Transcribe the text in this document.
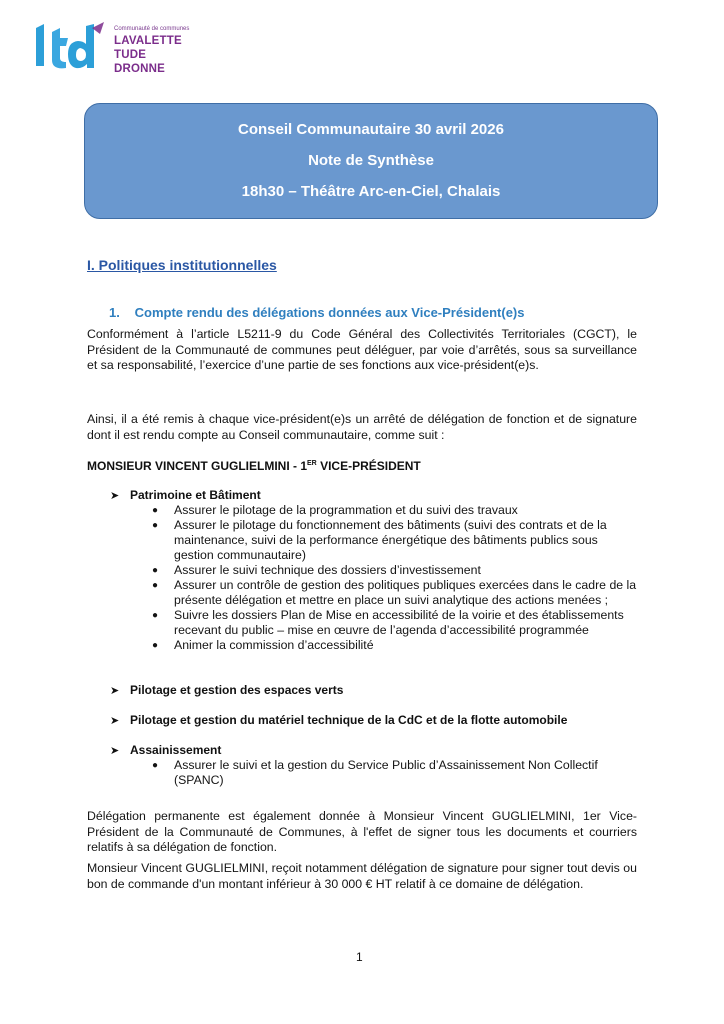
Communauté de communes
LAVALETTE
TUDE
DRONNE
Conseil Communautaire 30 avril 2026
Note de Synthèse
18h30 – Théâtre Arc-en-Ciel, Chalais
I. Politiques institutionnelles
1. Compte rendu des délégations données aux Vice-Président(e)s

Conformément à l’article L5211-9 du Code Général des Collectivités Territoriales (CGCT), le Président de la Communauté de communes peut déléguer, par voie d’arrêtés, sous sa surveillance et sa responsabilité, l’exercice d’une partie de ses fonctions aux vice-président(e)s.

Ainsi, il a été remis à chaque vice-président(e)s un arrêté de délégation de fonction et de signature dont il est rendu compte au Conseil communautaire, comme suit :

MONSIEUR VINCENT GUGLIELMINI - 1ER VICE-PRÉSIDENT
➤ Patrimoine et Bâtiment
● Assurer le pilotage de la programmation et du suivi des travaux
● Assurer le pilotage du fonctionnement des bâtiments (suivi des contrats et de la maintenance, suivi de la performance énergétique des bâtiments publics sous gestion communautaire)
● Assurer le suivi technique des dossiers d’investissement
● Assurer un contrôle de gestion des politiques publiques exercées dans le cadre de la présente délégation et mettre en place un suivi analytique des actions menées ;
● Suivre les dossiers Plan de Mise en accessibilité de la voirie et des établissements recevant du public – mise en œuvre de l’agenda d’accessibilité programmée
● Animer la commission d’accessibilité
➤ Pilotage et gestion des espaces verts
➤ Pilotage et gestion du matériel technique de la CdC et de la flotte automobile
➤ Assainissement
● Assurer le suivi et la gestion du Service Public d’Assainissement Non Collectif (SPANC)

Délégation permanente est également donnée à Monsieur Vincent GUGLIELMINI, 1er Vice-Président de la Communauté de Communes, à l'effet de signer tous les documents et courriers relatifs à sa délégation de fonction.

Monsieur Vincent GUGLIELMINI, reçoit notamment délégation de signature pour signer tout devis ou bon de commande d'un montant inférieur à 30 000 € HT relatif à ce domaine de délégation.

1
